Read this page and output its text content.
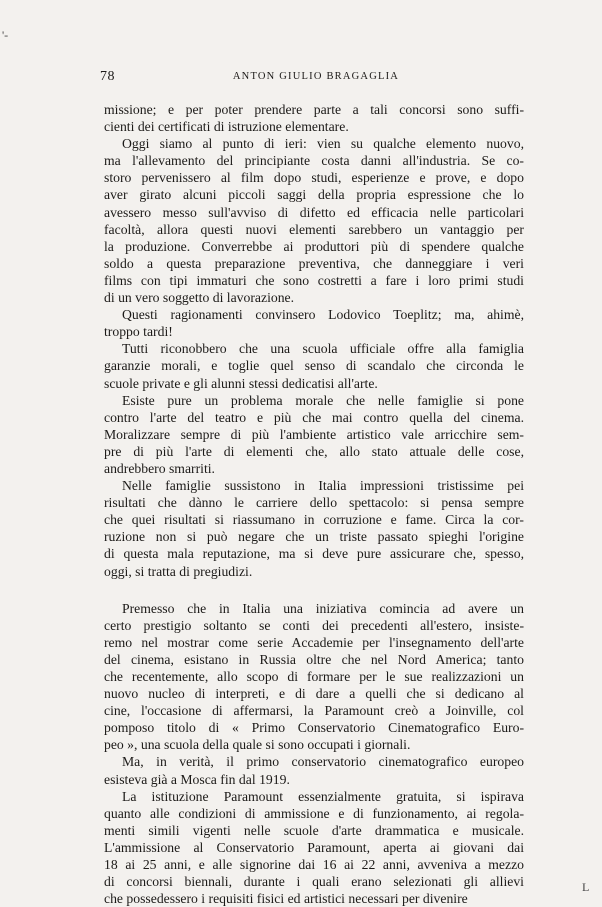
'-
L
78	ANTON GIULIO BRAGAGLIA
missione; e per poter prendere parte a tali concorsi sono suffi-
cienti dei certificati di istruzione elementare.
Oggi siamo al punto di ieri: vien su qualche elemento nuovo,
ma l'allevamento del principiante costa danni all'industria. Se co-
storo pervenissero al film dopo studi, esperienze e prove, e dopo
aver girato alcuni piccoli saggi della propria espressione che lo
avessero messo sull'avviso di difetto ed efficacia nelle particolari
facoltà, allora questi nuovi elementi sarebbero un vantaggio per
la produzione. Converrebbe ai produttori più di spendere qualche
soldo a questa preparazione preventiva, che danneggiare i veri
films con tipi immaturi che sono costretti a fare i loro primi studi
di un vero soggetto di lavorazione.
Questi ragionamenti convinsero Lodovico Toeplitz; ma, ahimè,
troppo tardi!
Tutti riconobbero che una scuola ufficiale offre alla famiglia
garanzie morali, e toglie quel senso di scandalo che circonda le
scuole private e gli alunni stessi dedicatisi all'arte.
Esiste pure un problema morale che nelle famiglie si pone
contro l'arte del teatro e più che mai contro quella del cinema.
Moralizzare sempre di più l'ambiente artistico vale arricchire sem-
pre di più l'arte di elementi che, allo stato attuale delle cose,
andrebbero smarriti.
Nelle famiglie sussistono in Italia impressioni tristissime pei
risultati che dànno le carriere dello spettacolo: si pensa sempre
che quei risultati si riassumano in corruzione e fame. Circa la cor-
ruzione non si può negare che un triste passato spieghi l'origine
di questa mala reputazione, ma si deve pure assicurare che, spesso,
oggi, si tratta di pregiudizi.
Premesso che in Italia una iniziativa comincia ad avere un
certo prestigio soltanto se conti dei precedenti all'estero, insiste-
remo nel mostrar come serie Accademie per l'insegnamento dell'arte
del cinema, esistano in Russia oltre che nel Nord America; tanto
che recentemente, allo scopo di formare per le sue realizzazioni un
nuovo nucleo di interpreti, e di dare a quelli che si dedicano al
cine, l'occasione di affermarsi, la Paramount creò a Joinville, col
pomposo titolo di « Primo Conservatorio Cinematografico Euro-
peo », una scuola della quale si sono occupati i giornali.
Ma, in verità, il primo conservatorio cinematografico europeo
esisteva già a Mosca fin dal 1919.
La istituzione Paramount essenzialmente gratuita, si ispirava
quanto alle condizioni di ammissione e di funzionamento, ai regola-
menti simili vigenti nelle scuole d'arte drammatica e musicale.
L'ammissione al Conservatorio Paramount, aperta ai giovani dai
18 ai 25 anni, e alle signorine dai 16 ai 22 anni, avveniva a mezzo
di concorsi biennali, durante i quali erano selezionati gli allievi
che possedessero i requisiti fisici ed artistici necessari per divenire
